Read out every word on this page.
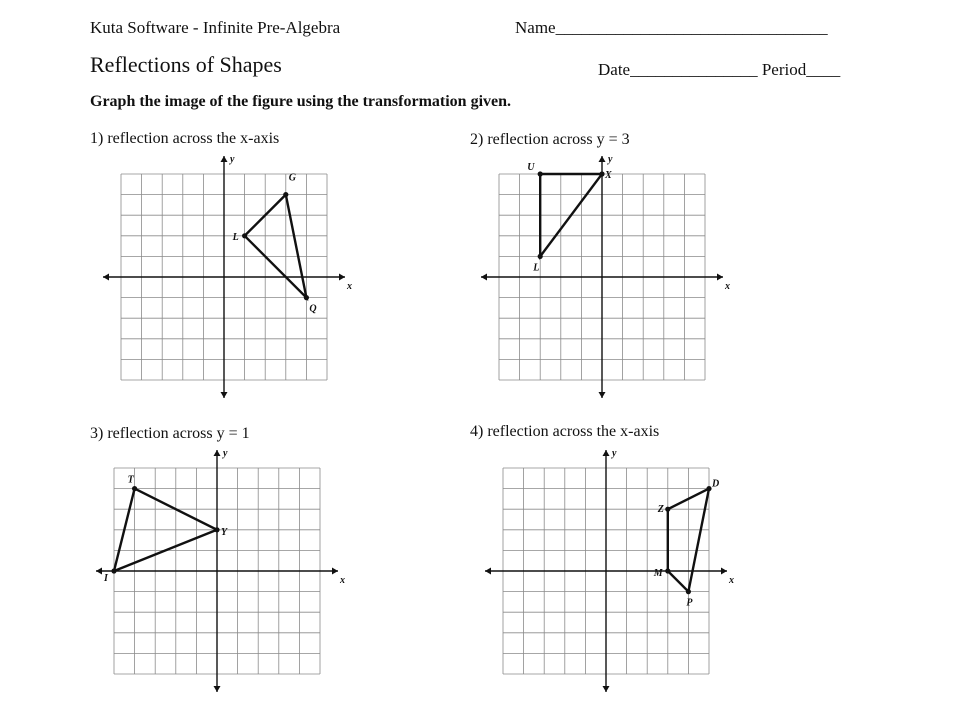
Kuta Software - Infinite Pre-Algebra	Name________________________________
Reflections of Shapes	Date_______________ Period____
Graph the image of the figure using the transformation given.
1) reflection across the x-axis	2) reflection across y = 3
3) reflection across y = 1	4) reflection across the x-axis
x
y
G
Q
L
x
y
U
X
L
x
y
T
Y
I	x
y
Z
D
P
M
